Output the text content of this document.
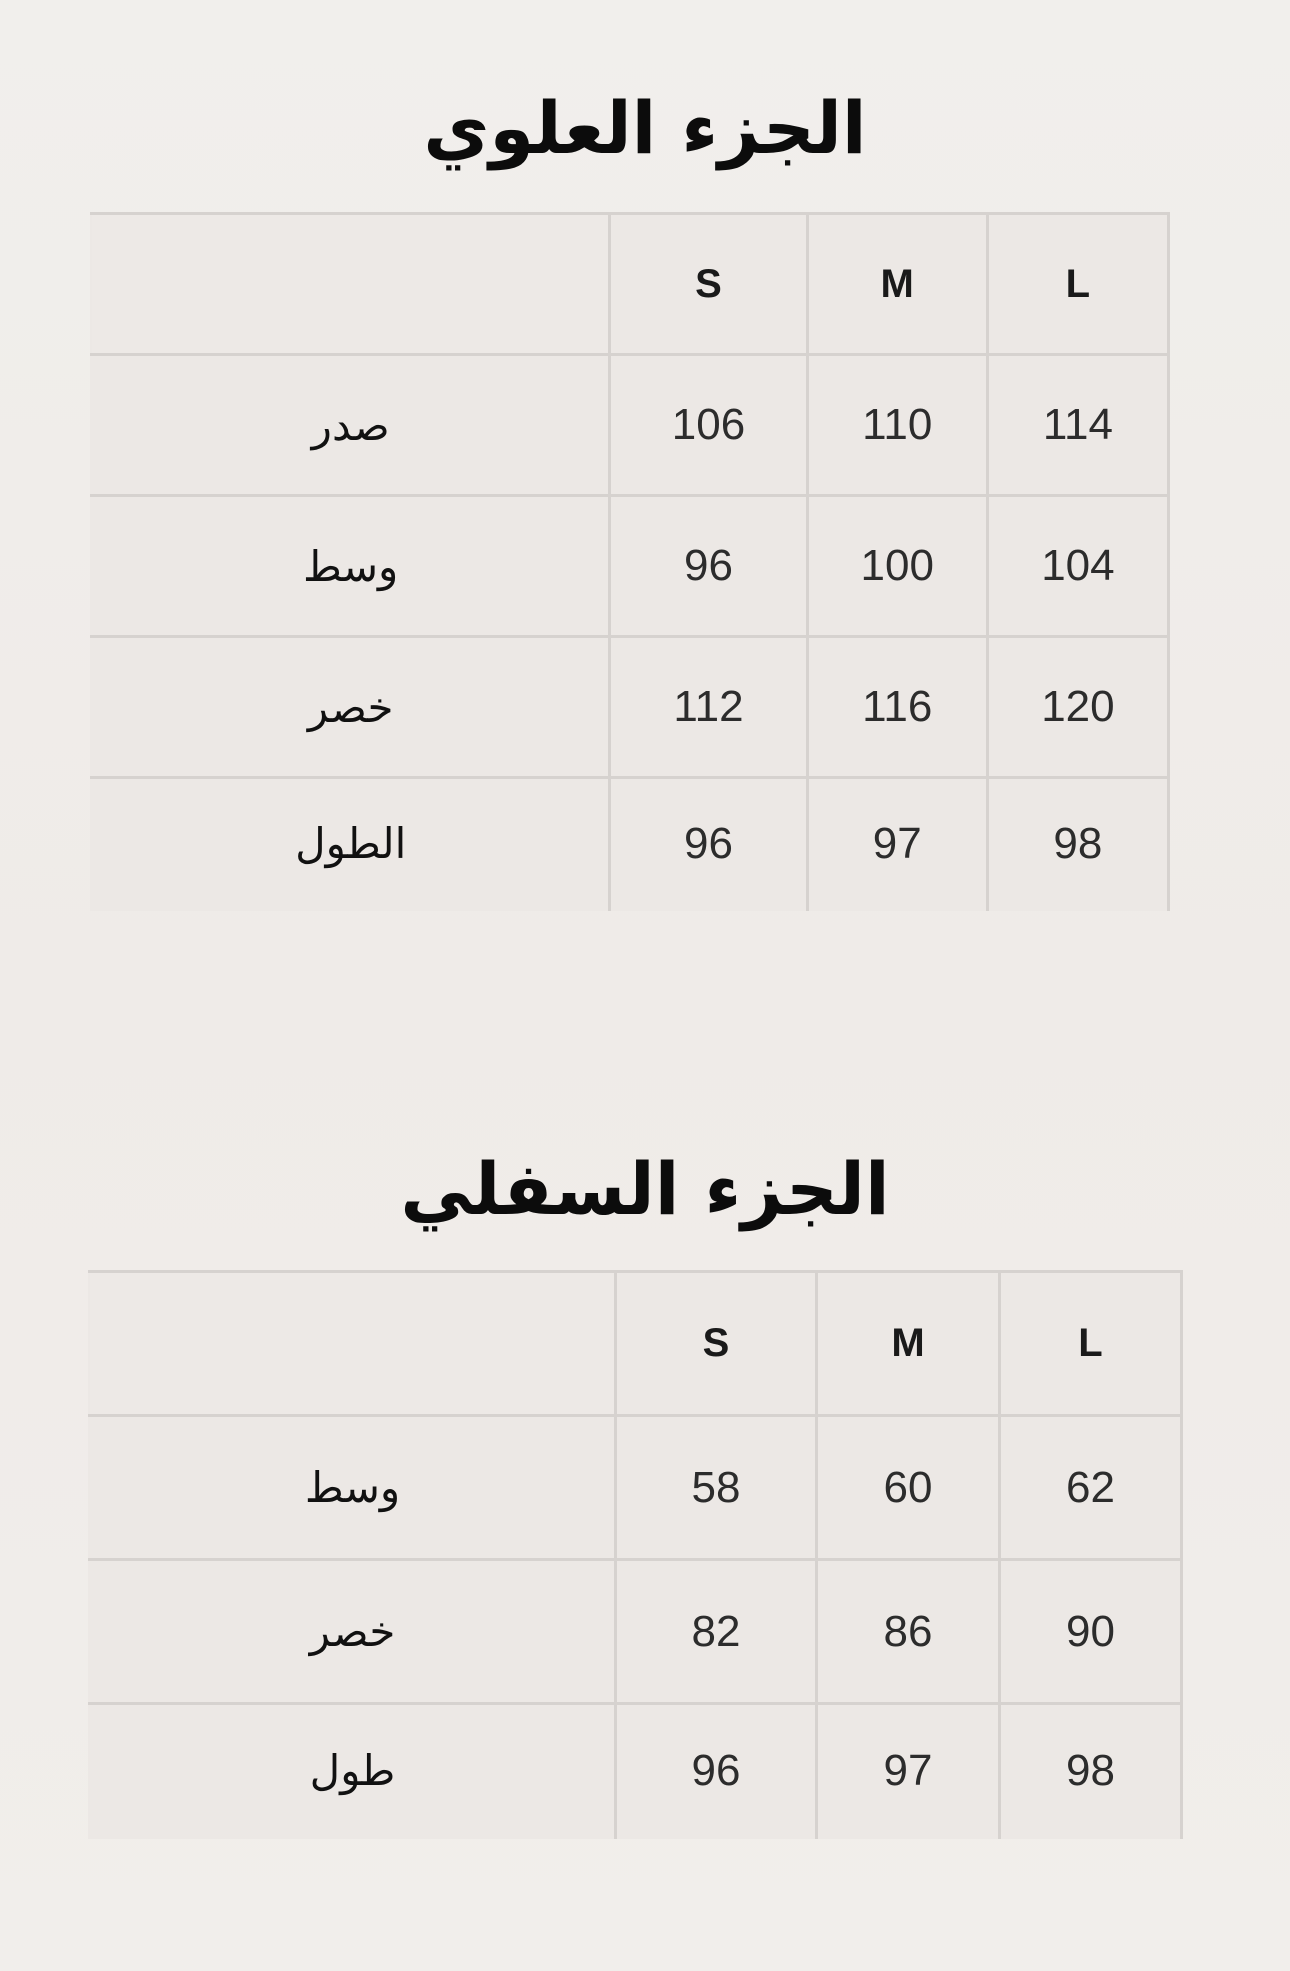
الجزء العلوي
	S	M	L
صدر	106	110	114
وسط	96	100	104
خصر	112	116	120
الطول	96	97	98
الجزء السفلي
	S	M	L
وسط	58	60	62
خصر	82	86	90
طول	96	97	98
